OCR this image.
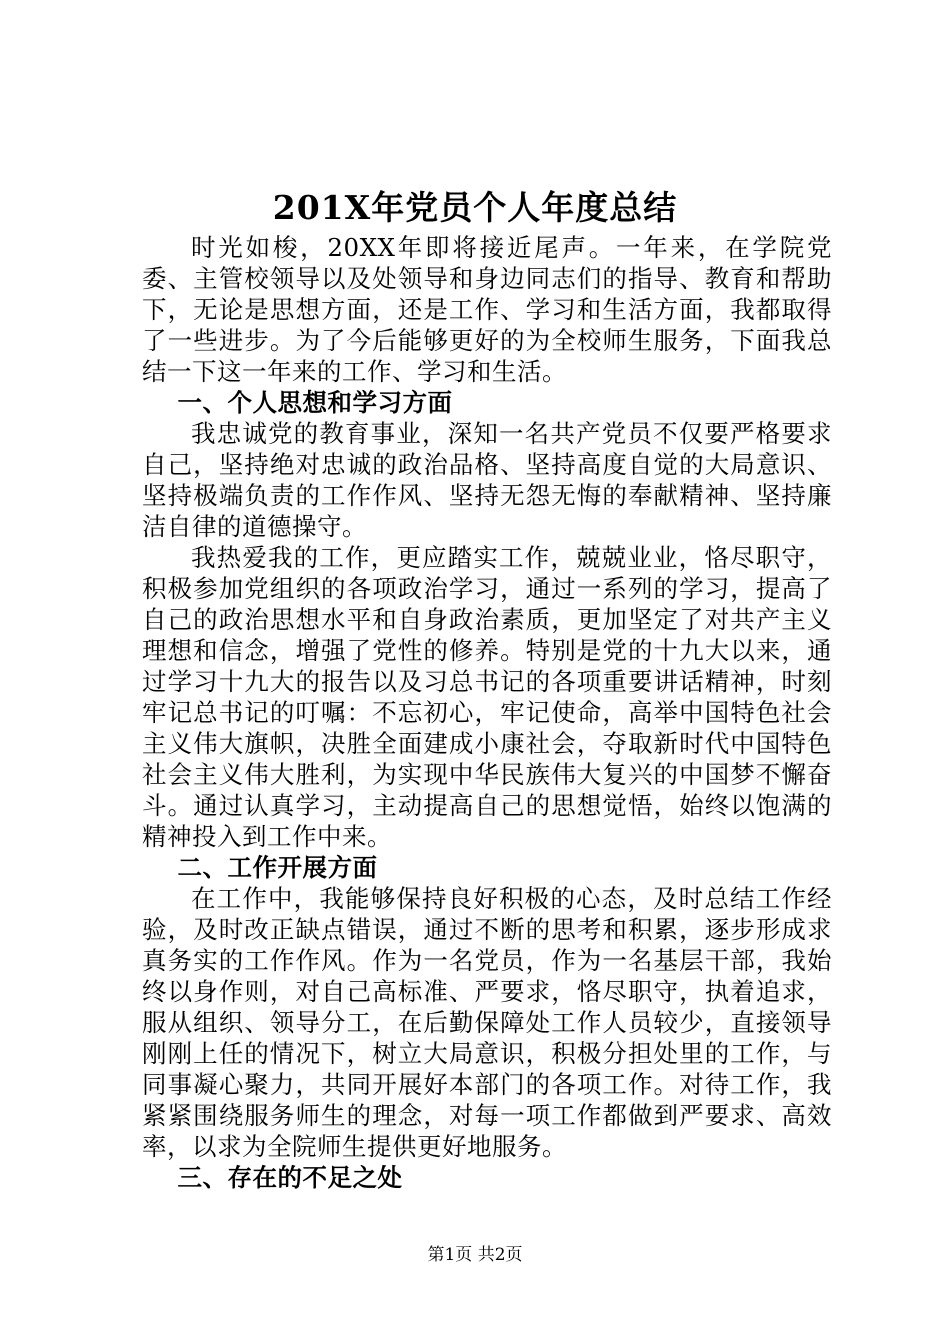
201X年党员个人年度总结

时光如梭，20XX年即将接近尾声。一年来，在学院党委、主管校领导以及处领导和身边同志们的指导、教育和帮助下，无论是思想方面，还是工作、学习和生活方面，我都取得了一些进步。为了今后能够更好的为全校师生服务，下面我总结一下这一年来的工作、学习和生活。

一、个人思想和学习方面

我忠诚党的教育事业，深知一名共产党员不仅要严格要求自己，坚持绝对忠诚的政治品格、坚持高度自觉的大局意识、坚持极端负责的工作作风、坚持无怨无悔的奉献精神、坚持廉洁自律的道德操守。

我热爱我的工作，更应踏实工作，兢兢业业，恪尽职守，积极参加党组织的各项政治学习，通过一系列的学习，提高了自己的政治思想水平和自身政治素质，更加坚定了对共产主义理想和信念，增强了党性的修养。特别是党的十九大以来，通过学习十九大的报告以及习总书记的各项重要讲话精神，时刻牢记总书记的叮嘱：不忘初心，牢记使命，高举中国特色社会主义伟大旗帜，决胜全面建成小康社会，夺取新时代中国特色社会主义伟大胜利，为实现中华民族伟大复兴的中国梦不懈奋斗。通过认真学习，主动提高自己的思想觉悟，始终以饱满的精神投入到工作中来。

二、工作开展方面

在工作中，我能够保持良好积极的心态，及时总结工作经验，及时改正缺点错误，通过不断的思考和积累，逐步形成求真务实的工作作风。作为一名党员，作为一名基层干部，我始终以身作则，对自己高标准、严要求，恪尽职守，执着追求，服从组织、领导分工，在后勤保障处工作人员较少，直接领导刚刚上任的情况下，树立大局意识，积极分担处里的工作，与同事凝心聚力，共同开展好本部门的各项工作。对待工作，我紧紧围绕服务师生的理念，对每一项工作都做到严要求、高效率，以求为全院师生提供更好地服务。

三、存在的不足之处

第1页 共2页
